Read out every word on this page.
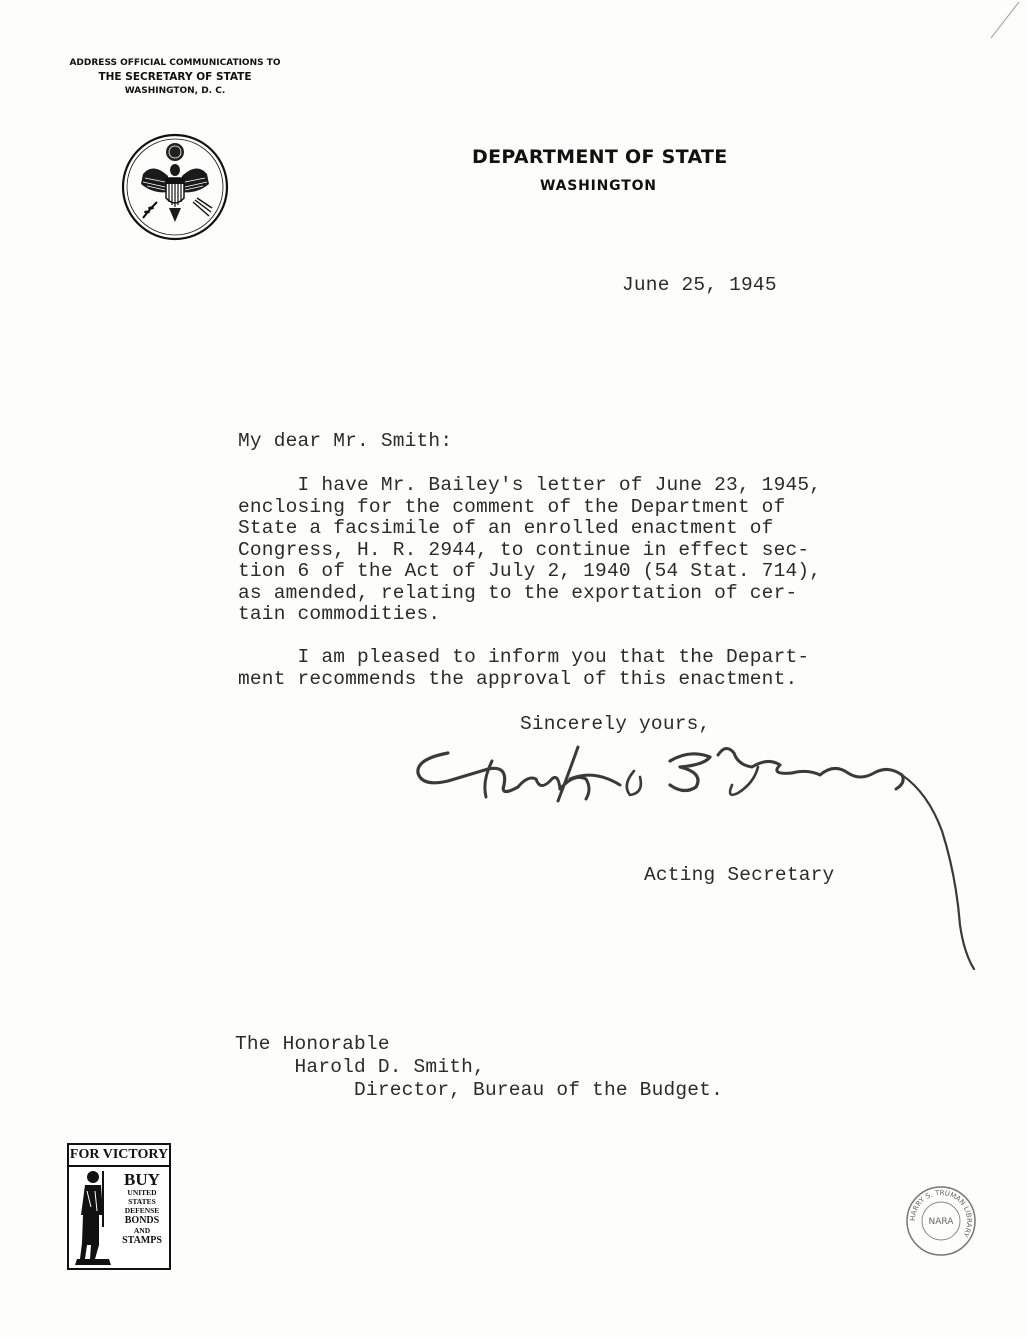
ADDRESS OFFICIAL COMMUNICATIONS TO
THE SECRETARY OF STATE
WASHINGTON, D. C.
DEPARTMENT OF STATE
WASHINGTON
June 25, 1945
My dear Mr. Smith:
I have Mr. Bailey's letter of June 23, 1945,
enclosing for the comment of the Department of
State a facsimile of an enrolled enactment of
Congress, H. R. 2944, to continue in effect sec-
tion 6 of the Act of July 2, 1940 (54 Stat. 714),
as amended, relating to the exportation of cer-
tain commodities.
I am pleased to inform you that the Depart-
ment recommends the approval of this enactment.
Sincerely yours,
Acting Secretary
The Honorable
Harold D. Smith,
Director, Bureau of the Budget.
FOR VICTORY
BUY
UNITED
STATES
DEFENSE
BONDS
AND
STAMPS
HARRY S. TRUMAN LIBRARY
NARA
